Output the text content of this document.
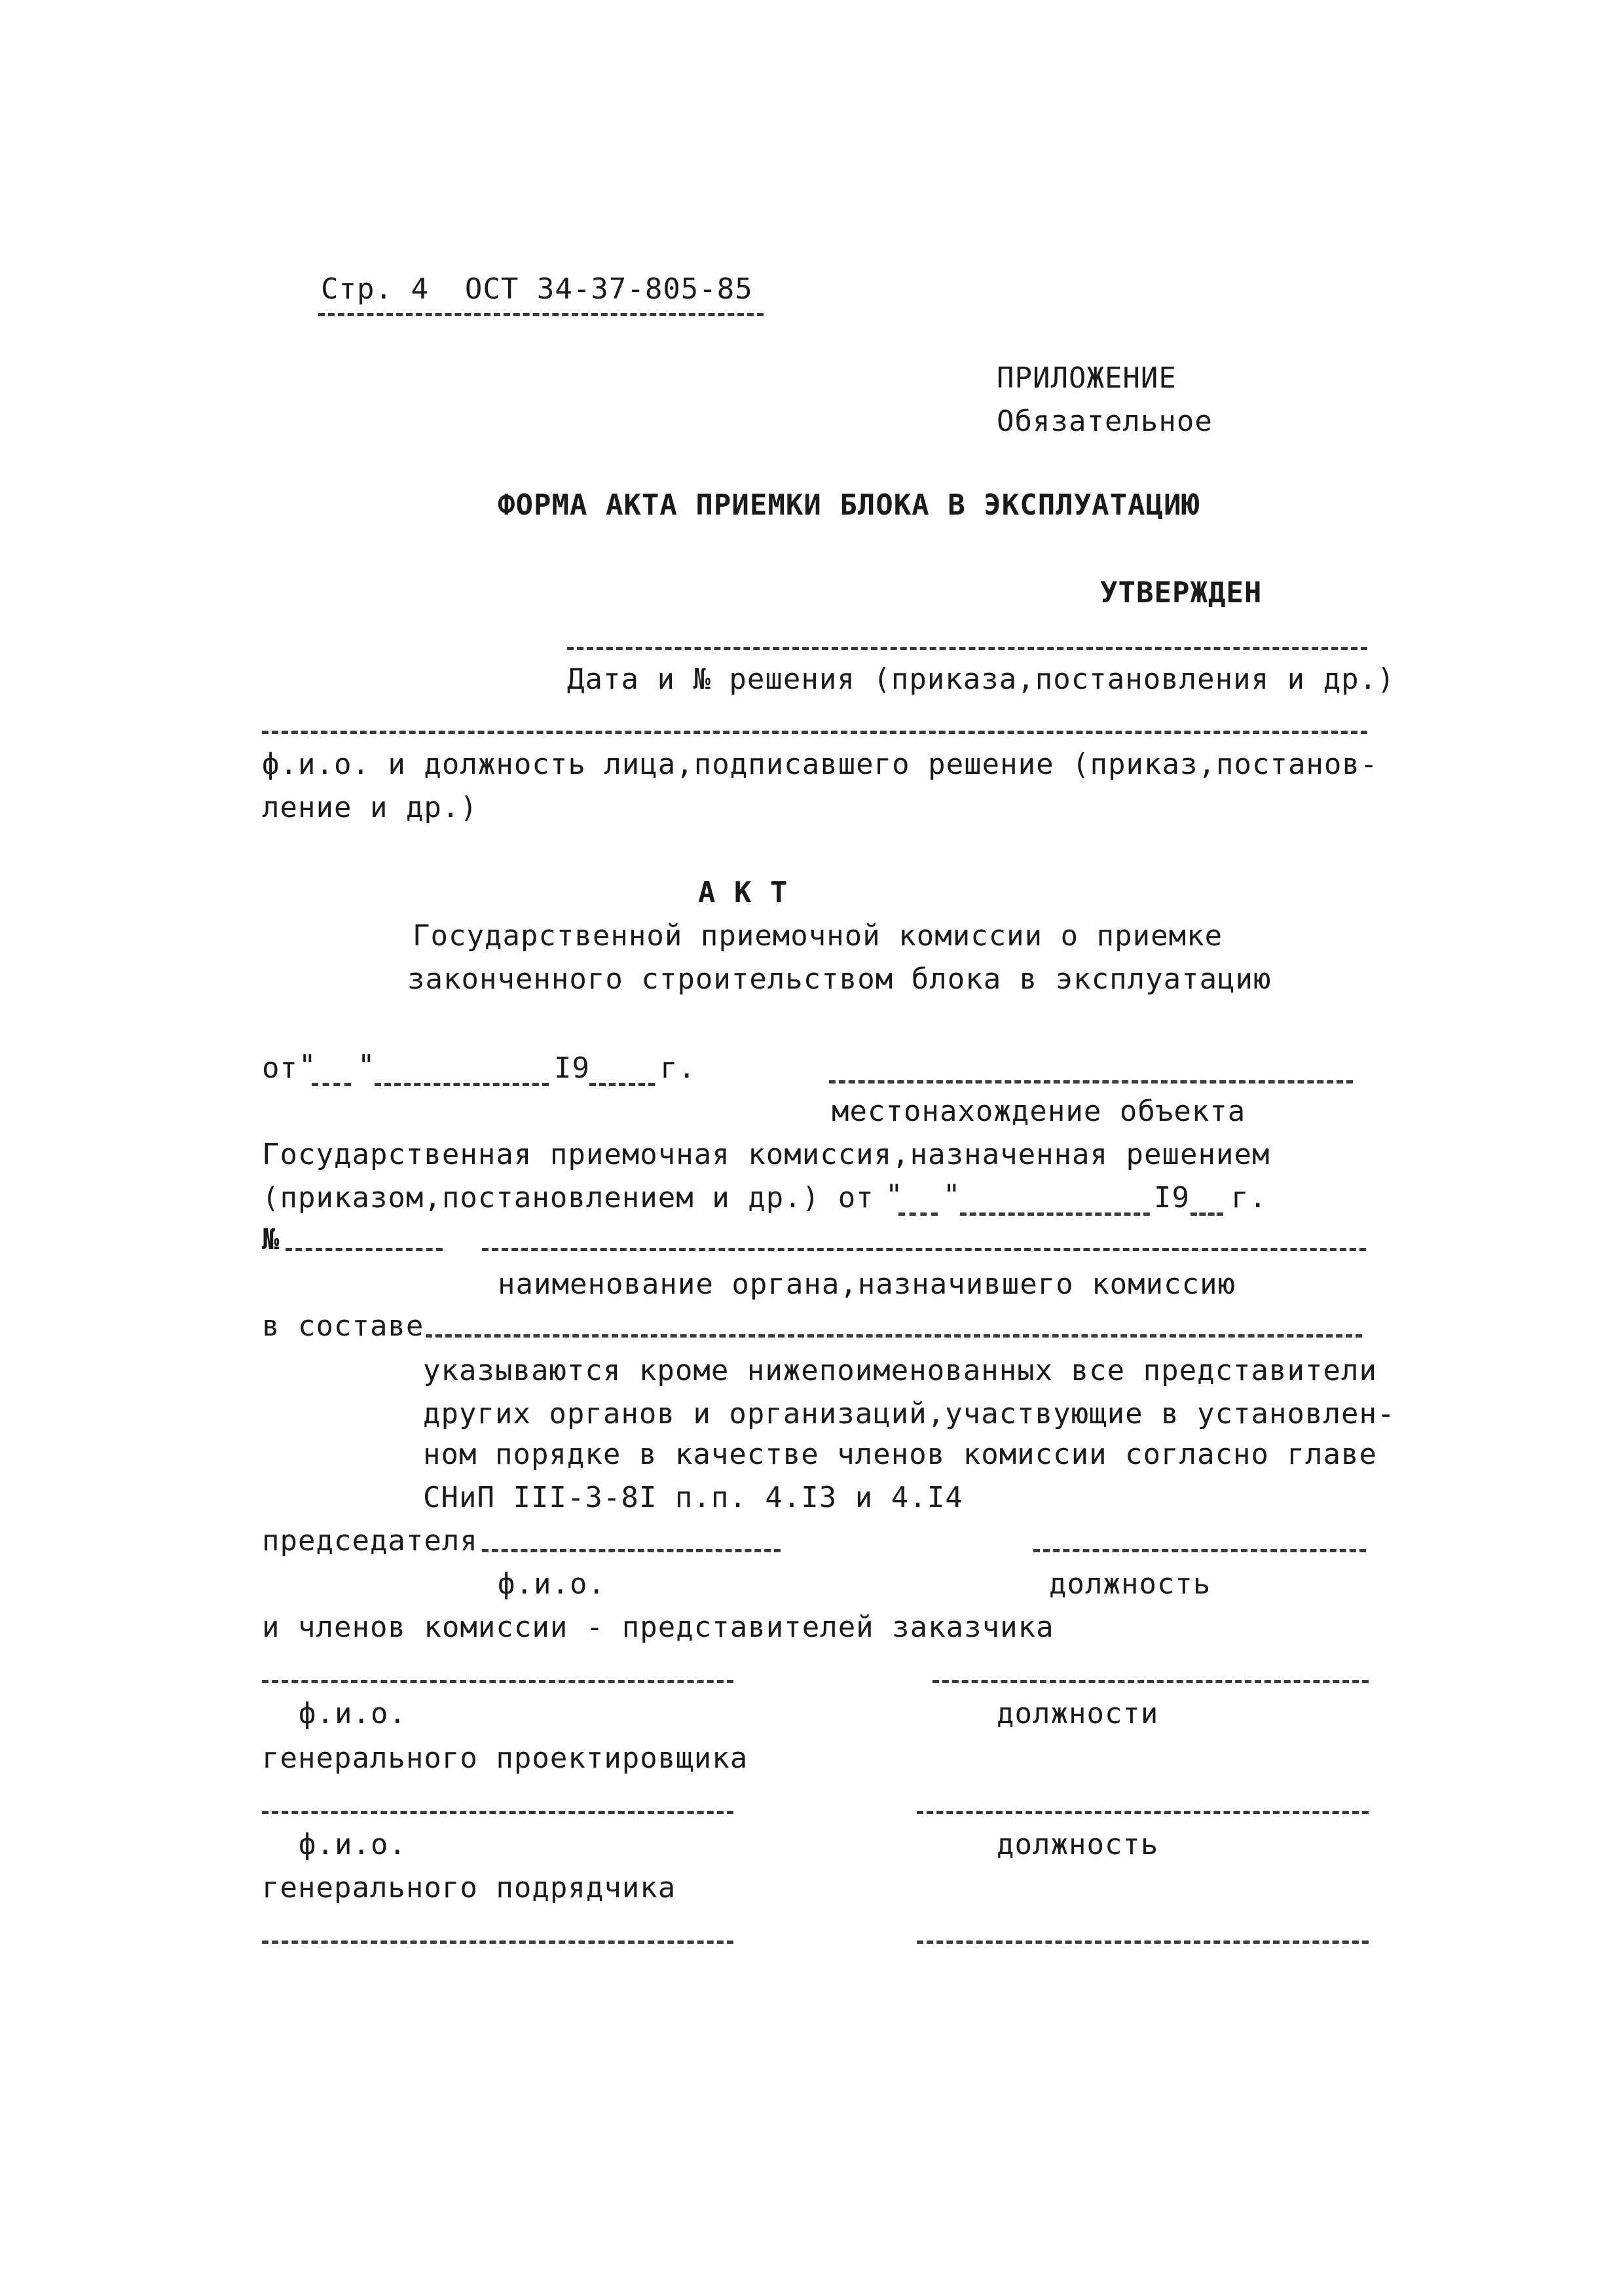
Стр. 4  ОСТ 34-37-805-85
ПРИЛОЖЕНИЕ
Обязательное
ФОРМА АКТА ПРИЕМКИ БЛОКА В ЭКСПЛУАТАЦИЮ
УТВЕРЖДЕН
Дата и № решения (приказа,постановления и др.)
ф.и.о. и должность лица,подписавшего решение (приказ,постанов-
ление и др.)
А К Т
Государственной приемочной комиссии о приемке
законченного строительством блока в эксплуатацию
от " "	I9 г.
местонахождение объекта
Государственная приемочная комиссия,назначенная решением
(приказом,постановлением и др.) от " "	I9 г.
№
наименование органа,назначившего комиссию
в составе
указываются кроме нижепоименованных все представители
других органов и организаций,участвующие в установлен-
ном порядке в качестве членов комиссии согласно главе
СНиП III-3-8I п.п. 4.I3 и 4.I4
председателя
ф.и.о.	должность
и членов комиссии - представителей заказчика
ф.и.о.	должности
генерального проектировщика
ф.и.о.	должность
генерального подрядчика
